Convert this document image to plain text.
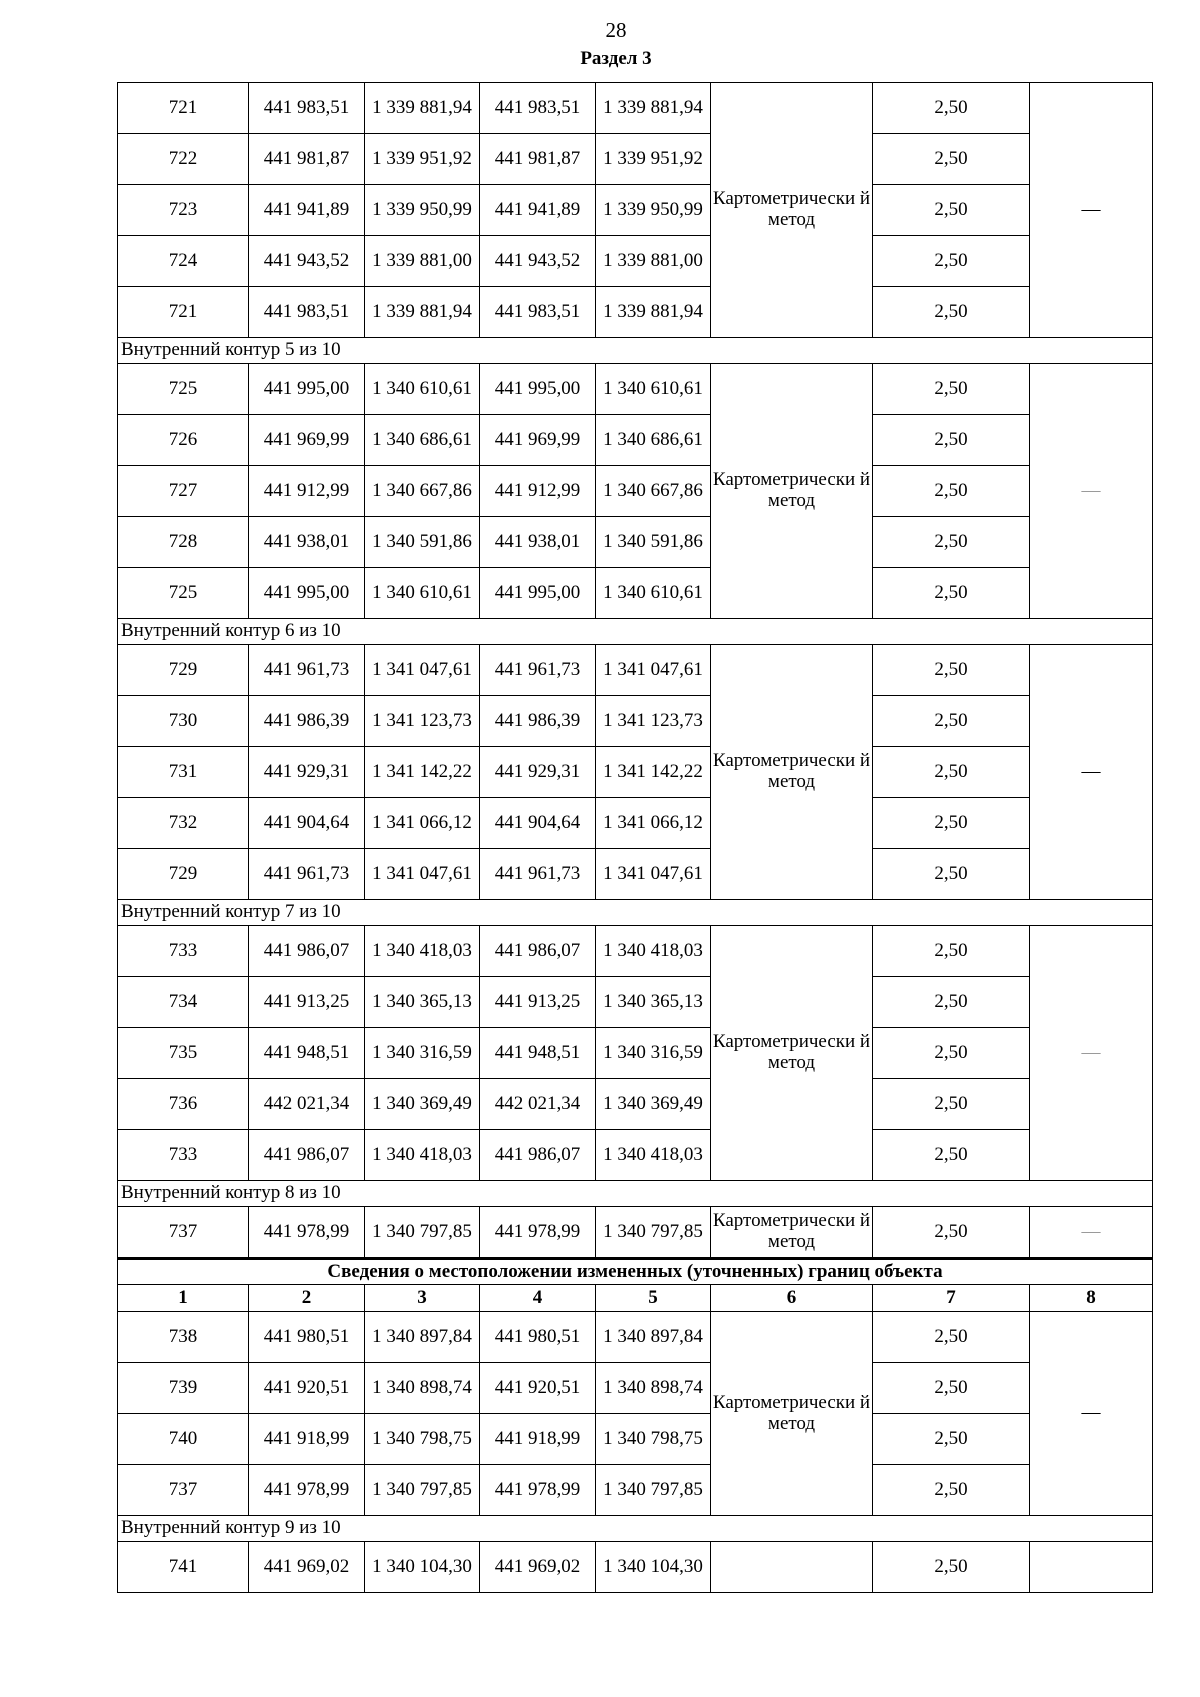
28
Раздел 3
721	441 983,51	1 339 881,94	441 983,51	1 339 881,94	Картометрически й метод	2,50	—
722	441 981,87	1 339 951,92	441 981,87	1 339 951,92		2,50	
723	441 941,89	1 339 950,99	441 941,89	1 339 950,99		2,50	
724	441 943,52	1 339 881,00	441 943,52	1 339 881,00		2,50	
721	441 983,51	1 339 881,94	441 983,51	1 339 881,94		2,50	
Внутренний контур 5 из 10							
725	441 995,00	1 340 610,61	441 995,00	1 340 610,61	Картометрически й метод	2,50	—
726	441 969,99	1 340 686,61	441 969,99	1 340 686,61		2,50	
727	441 912,99	1 340 667,86	441 912,99	1 340 667,86		2,50	
728	441 938,01	1 340 591,86	441 938,01	1 340 591,86		2,50	
725	441 995,00	1 340 610,61	441 995,00	1 340 610,61		2,50	
Внутренний контур 6 из 10							
729	441 961,73	1 341 047,61	441 961,73	1 341 047,61	Картометрически й метод	2,50	—
730	441 986,39	1 341 123,73	441 986,39	1 341 123,73		2,50	
731	441 929,31	1 341 142,22	441 929,31	1 341 142,22		2,50	
732	441 904,64	1 341 066,12	441 904,64	1 341 066,12		2,50	
729	441 961,73	1 341 047,61	441 961,73	1 341 047,61		2,50	
Внутренний контур 7 из 10							
733	441 986,07	1 340 418,03	441 986,07	1 340 418,03	Картометрически й метод	2,50	—
734	441 913,25	1 340 365,13	441 913,25	1 340 365,13		2,50	
735	441 948,51	1 340 316,59	441 948,51	1 340 316,59		2,50	
736	442 021,34	1 340 369,49	442 021,34	1 340 369,49		2,50	
733	441 986,07	1 340 418,03	441 986,07	1 340 418,03		2,50	
Внутренний контур 8 из 10							
737	441 978,99	1 340 797,85	441 978,99	1 340 797,85	Картометрически й метод	2,50	—
Сведения о местоположении измененных (уточненных) границ объекта							
1	2	3	4	5	6	7	8
738	441 980,51	1 340 897,84	441 980,51	1 340 897,84	Картометрически й метод	2,50	—
739	441 920,51	1 340 898,74	441 920,51	1 340 898,74		2,50	
740	441 918,99	1 340 798,75	441 918,99	1 340 798,75		2,50	
737	441 978,99	1 340 797,85	441 978,99	1 340 797,85		2,50	
Внутренний контур 9 из 10							
741	441 969,02	1 340 104,30	441 969,02	1 340 104,30		2,50	
